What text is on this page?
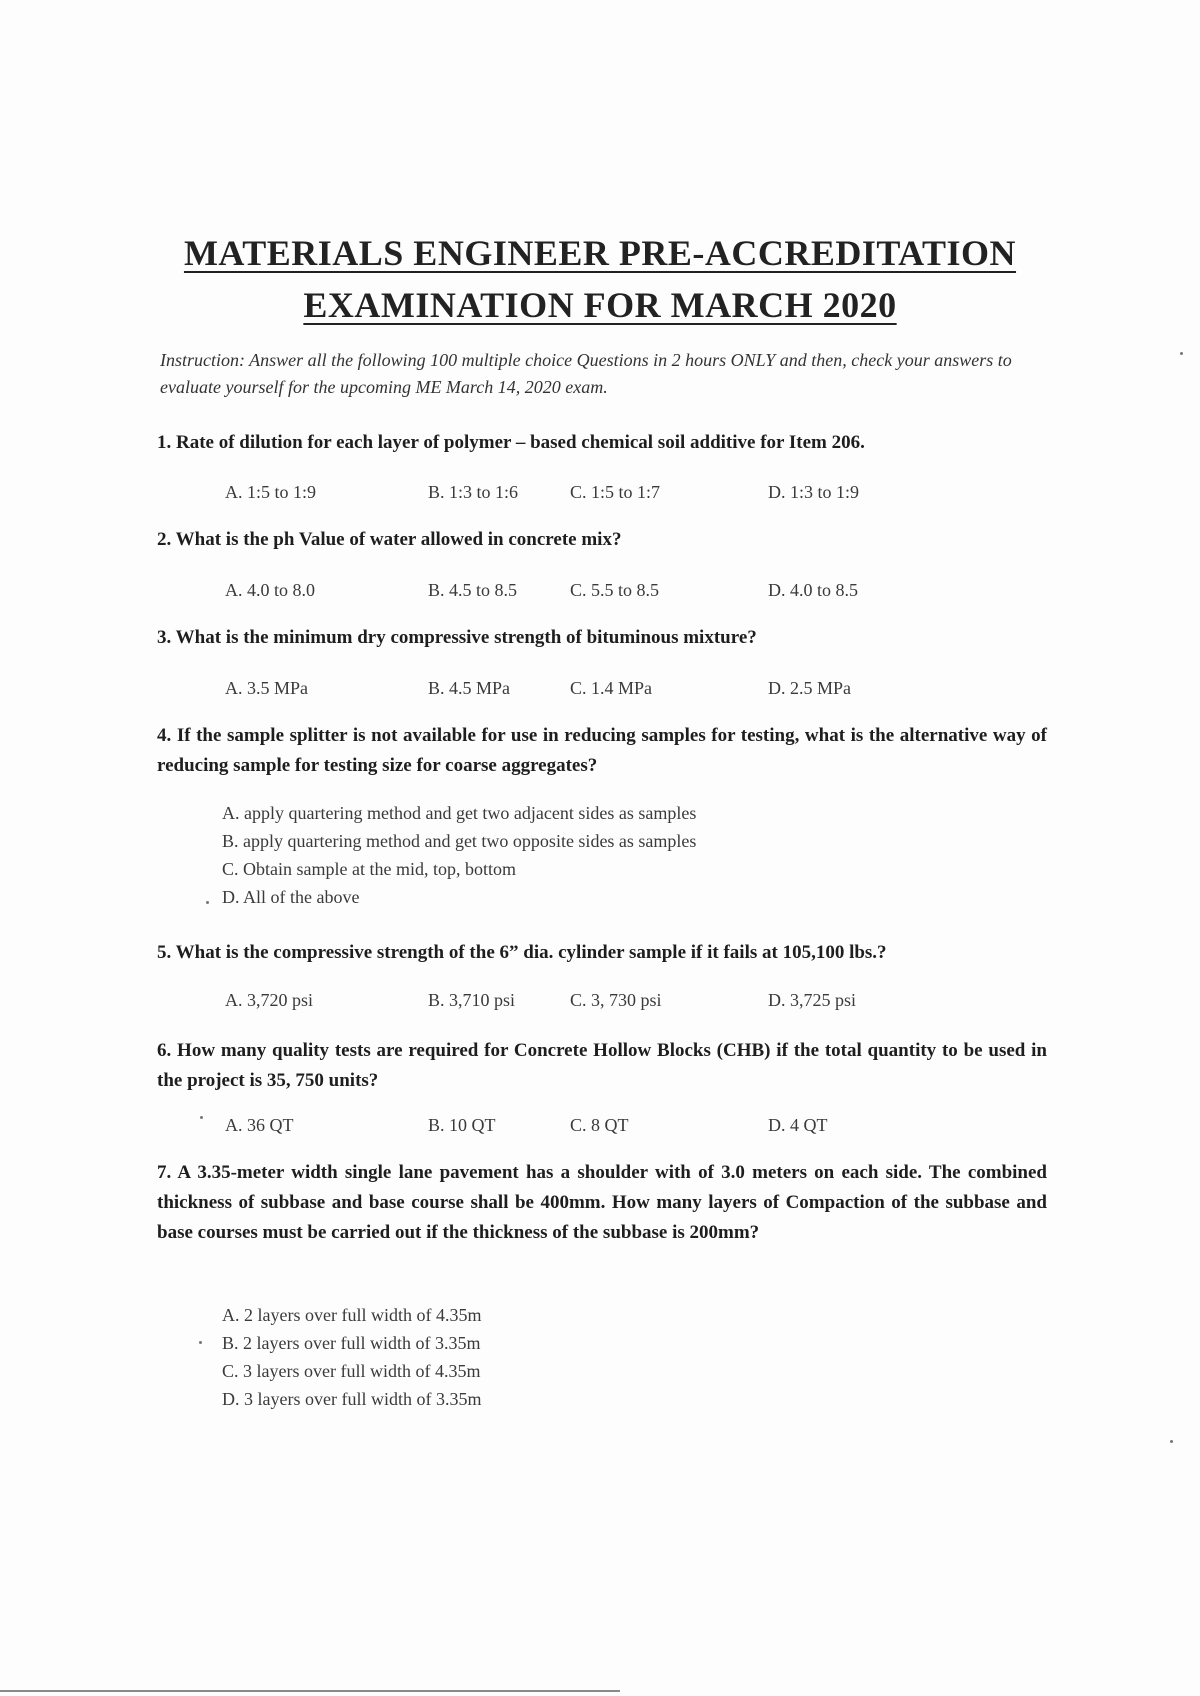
MATERIALS ENGINEER PRE-ACCREDITATION
EXAMINATION FOR MARCH 2020
Instruction: Answer all the following 100 multiple choice Questions in 2 hours ONLY and then, check your answers to evaluate yourself for the upcoming ME March 14, 2020 exam.
1. Rate of dilution for each layer of polymer – based chemical soil additive for Item 206.
A. 1:5 to 1:9	B. 1:3 to 1:6	C. 1:5 to 1:7	D. 1:3 to 1:9
2. What is the ph Value of water allowed in concrete mix?
A. 4.0 to 8.0	B. 4.5 to 8.5	C. 5.5 to 8.5	D. 4.0 to 8.5
3. What is the minimum dry compressive strength of bituminous mixture?
A. 3.5 MPa	B. 4.5 MPa	C. 1.4 MPa	D. 2.5 MPa
4. If the sample splitter is not available for use in reducing samples for testing, what is the alternative way of reducing sample for testing size for coarse aggregates?
A. apply quartering method and get two adjacent sides as samples
B. apply quartering method and get two opposite sides as samples
C. Obtain sample at the mid, top, bottom
D. All of the above
5. What is the compressive strength of the 6” dia. cylinder sample if it fails at 105,100 lbs.?
A. 3,720 psi	B. 3,710 psi	C. 3, 730 psi	D. 3,725 psi
6. How many quality tests are required for Concrete Hollow Blocks (CHB) if the total quantity to be used in the project is 35, 750 units?
A. 36 QT	B. 10 QT	C. 8 QT	D. 4 QT
7. A 3.35-meter width single lane pavement has a shoulder with of 3.0 meters on each side. The combined thickness of subbase and base course shall be 400mm. How many layers of Compaction of the subbase and base courses must be carried out if the thickness of the subbase is 200mm?
A. 2 layers over full width of 4.35m
B. 2 layers over full width of 3.35m
C. 3 layers over full width of 4.35m
D. 3 layers over full width of 3.35m
